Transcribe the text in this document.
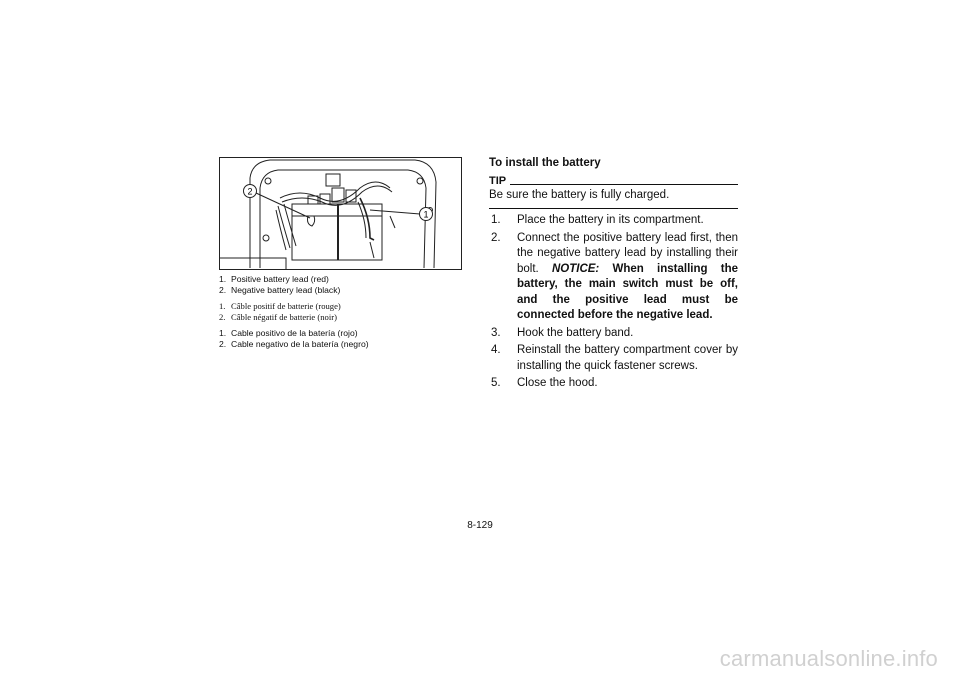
2
1
1. Positive battery lead (red)
2. Negative battery lead (black)
1. Câble positif de batterie (rouge)
2. Câble négatif de batterie (noir)
1. Cable positivo de la batería (rojo)
2. Cable negativo de la batería (negro)
To install the battery
TIP
Be sure the battery is fully charged.
1.	Place the battery in its compartment.
2.	Connect the positive battery lead first, then the negative battery lead by installing their bolt. NOTICE: When installing the battery, the main switch must be off, and the positive lead must be connected before the negative lead.
3.	Hook the battery band.
4.	Reinstall the battery compartment cover by installing the quick fastener screws.
5.	Close the hood.
8-129
carmanualsonline.info
